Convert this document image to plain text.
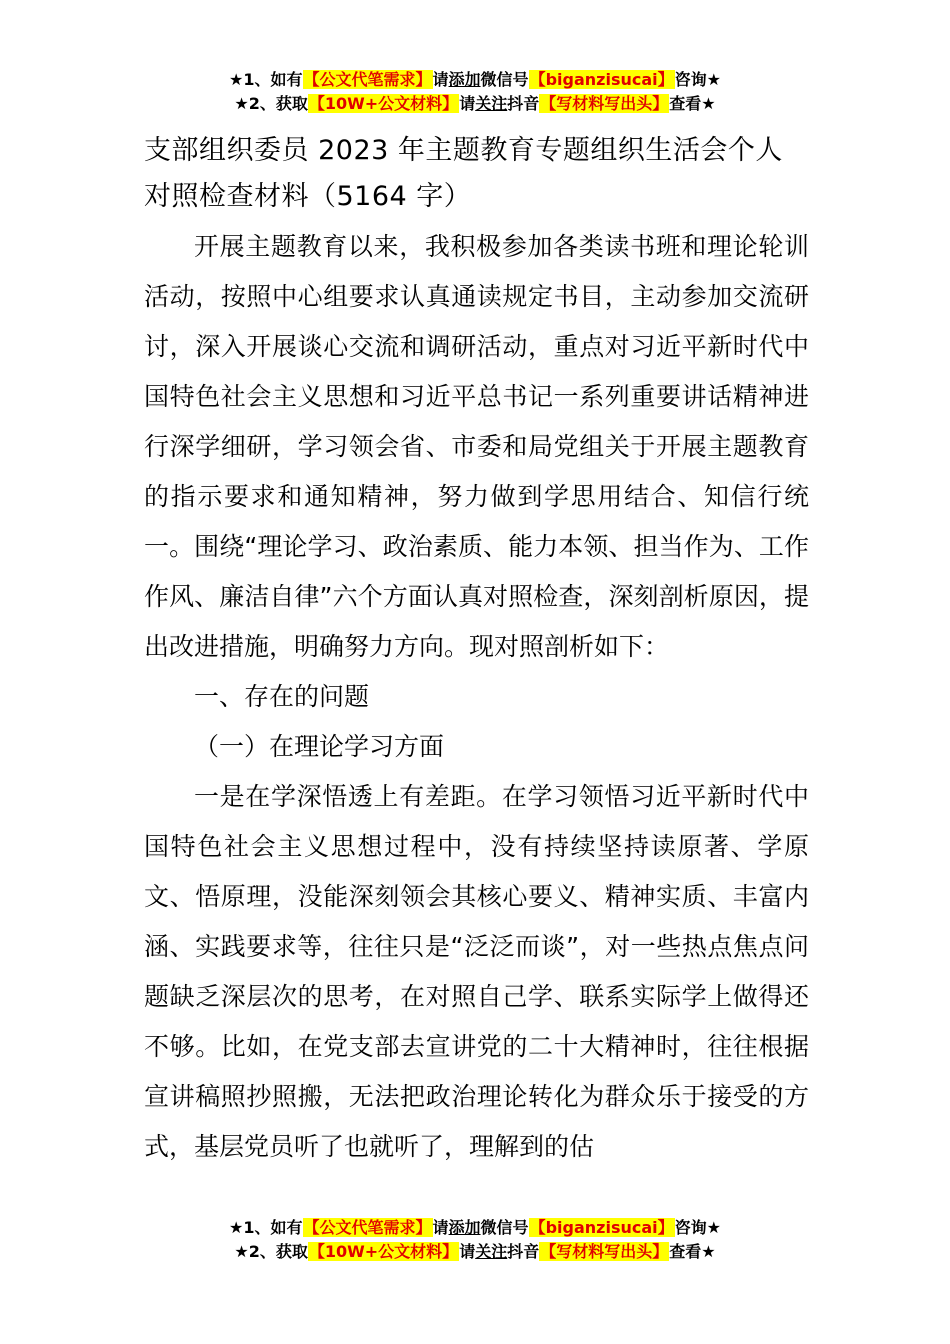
★1、如有【公文代笔需求】请添加微信号【biganzisucai】咨询★
★2、获取【10W+公文材料】请关注抖音【写材料写出头】查看★
支部组织委员 2023 年主题教育专题组织生活会个人对照检查材料（5164 字）

开展主题教育以来，我积极参加各类读书班和理论轮训活动，按照中心组要求认真通读规定书目，主动参加交流研讨，深入开展谈心交流和调研活动，重点对习近平新时代中国特色社会主义思想和习近平总书记一系列重要讲话精神进行深学细研，学习领会省、市委和局党组关于开展主题教育的指示要求和通知精神，努力做到学思用结合、知信行统一。围绕“理论学习、政治素质、能力本领、担当作为、工作作风、廉洁自律”六个方面认真对照检查，深刻剖析原因，提出改进措施，明确努力方向。现对照剖析如下：

一、存在的问题

（一）在理论学习方面

一是在学深悟透上有差距。在学习领悟习近平新时代中国特色社会主义思想过程中，没有持续坚持读原著、学原文、悟原理，没能深刻领会其核心要义、精神实质、丰富内涵、实践要求等，往往只是“泛泛而谈”，对一些热点焦点问题缺乏深层次的思考，在对照自己学、联系实际学上做得还不够。比如，在党支部去宣讲党的二十大精神时，往往根据宣讲稿照抄照搬，无法把政治理论转化为群众乐于接受的方式，基层党员听了也就听了，理解到的估

★1、如有【公文代笔需求】请添加微信号【biganzisucai】咨询★
★2、获取【10W+公文材料】请关注抖音【写材料写出头】查看★
